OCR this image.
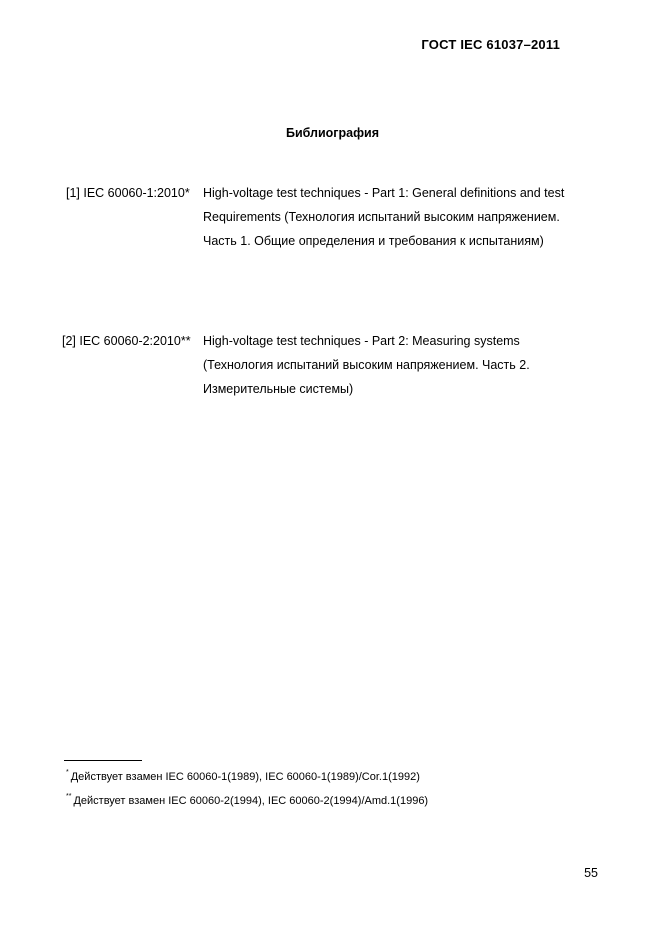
ГОСТ IEC 61037–2011
Библиография
[1] IEC 60060-1:2010* High-voltage test techniques - Part 1: General definitions and test Requirements (Технология испытаний высоким напряжением. Часть 1. Общие определения и требования к испытаниям)
[2] IEC 60060-2:2010** High-voltage test techniques - Part 2: Measuring systems (Технология испытаний высоким напряжением. Часть 2. Измерительные системы)
* Действует взамен IEC 60060-1(1989), IEC 60060-1(1989)/Cor.1(1992)
** Действует взамен IEC 60060-2(1994), IEC 60060-2(1994)/Amd.1(1996)
55
